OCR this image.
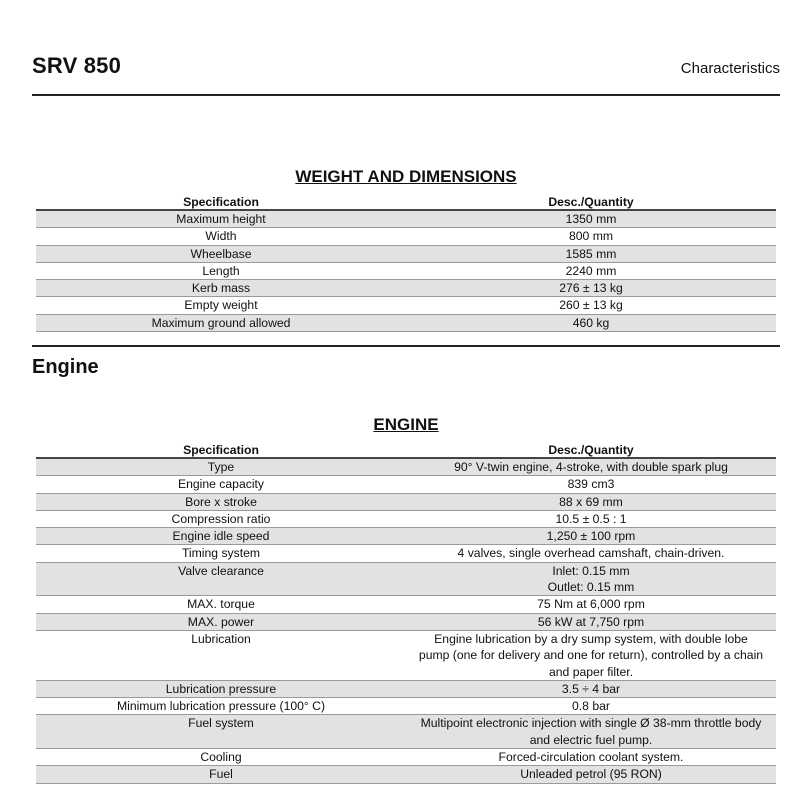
SRV 850	Characteristics
WEIGHT AND DIMENSIONS
Specification	Desc./Quantity
Maximum height	1350 mm

Width	800 mm

Wheelbase	1585 mm

Length	2240 mm

Kerb mass	276 ± 13 kg

Empty weight	260 ± 13 kg

Maximum ground allowed	460 kg
Engine
ENGINE
Specification	Desc./Quantity
Type	90° V-twin engine, 4-stroke, with double spark plug

Engine capacity	839 cm3

Bore x stroke	88 x 69 mm

Compression ratio	10.5 ± 0.5 : 1

Engine idle speed	1,250 ± 100 rpm

Timing system	4 valves, single overhead camshaft, chain-driven.

Valve clearance	Inlet: 0.15 mm
Outlet: 0.15 mm

MAX. torque	75 Nm at 6,000 rpm

MAX. power	56 kW at 7,750 rpm

Lubrication	Engine lubrication by a dry sump system, with double lobe
pump (one for delivery and one for return), controlled by a chain
and paper filter.

Lubrication pressure	3.5 ÷ 4 bar

Minimum lubrication pressure (100° C)	0.8 bar

Fuel system	Multipoint electronic injection with single Ø 38-mm throttle body
and electric fuel pump.

Cooling	Forced-circulation coolant system.

Fuel	Unleaded petrol (95 RON)
